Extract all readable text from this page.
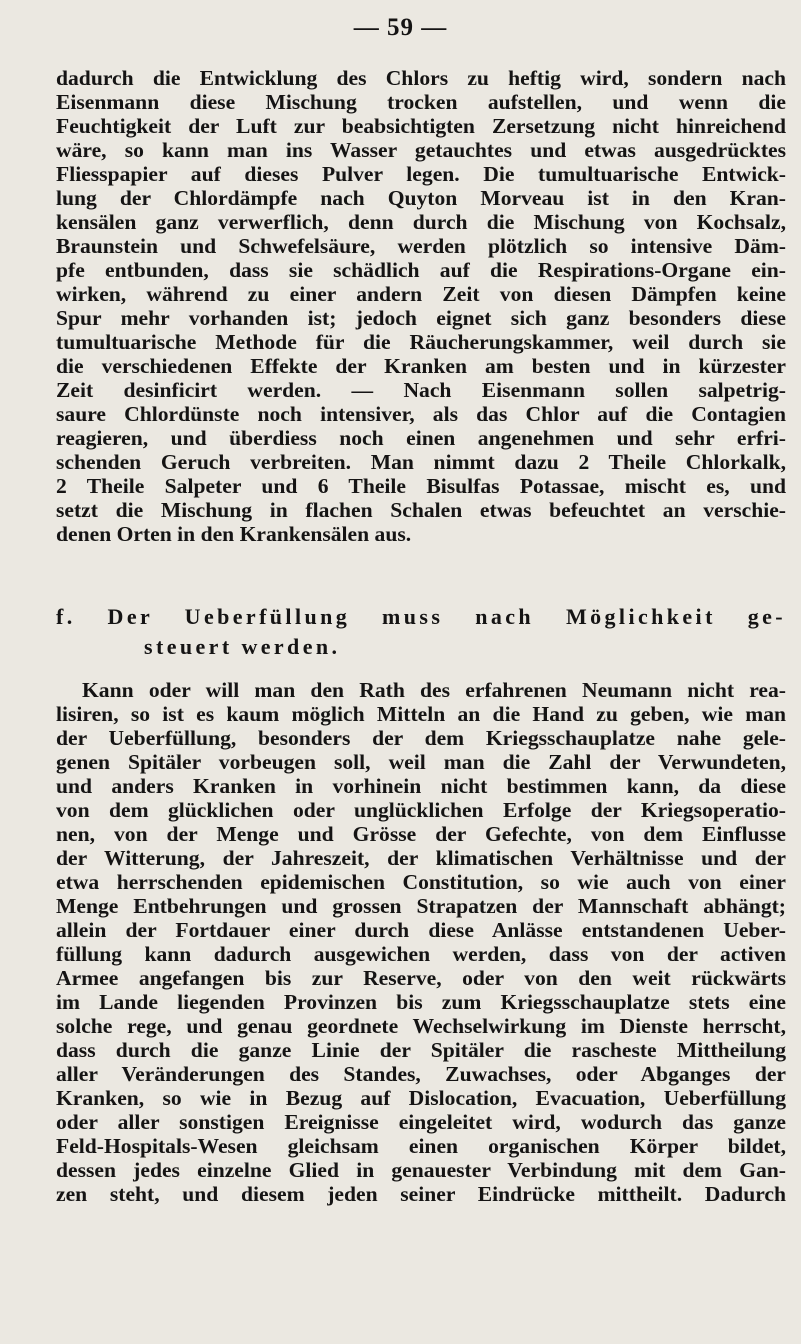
— 59 —
dadurch die Entwicklung des Chlors zu heftig wird, sondern nach
Eisenmann diese Mischung trocken aufstellen, und wenn die
Feuchtigkeit der Luft zur beabsichtigten Zersetzung nicht hinreichend
wäre, so kann man ins Wasser getauchtes und etwas ausgedrücktes
Fliesspapier auf dieses Pulver legen. Die tumultuarische Entwick-
lung der Chlordämpfe nach Quyton Morveau ist in den Kran-
kensälen ganz verwerflich, denn durch die Mischung von Kochsalz,
Braunstein und Schwefelsäure, werden plötzlich so intensive Däm-
pfe entbunden, dass sie schädlich auf die Respirations-Organe ein-
wirken, während zu einer andern Zeit von diesen Dämpfen keine
Spur mehr vorhanden ist; jedoch eignet sich ganz besonders diese
tumultuarische Methode für die Räucherungskammer, weil durch sie
die verschiedenen Effekte der Kranken am besten und in kürzester
Zeit desinficirt werden. — Nach Eisenmann sollen salpetrig-
saure Chlordünste noch intensiver, als das Chlor auf die Contagien
reagieren, und überdiess noch einen angenehmen und sehr erfri-
schenden Geruch verbreiten. Man nimmt dazu 2 Theile Chlorkalk,
2 Theile Salpeter und 6 Theile Bisulfas Potassae, mischt es, und
setzt die Mischung in flachen Schalen etwas befeuchtet an verschie-
denen Orten in den Krankensälen aus.
f. Der Ueberfüllung muss nach Möglichkeit ge-
steuert werden.
Kann oder will man den Rath des erfahrenen Neumann nicht rea-
lisiren, so ist es kaum möglich Mitteln an die Hand zu geben, wie man
der Ueberfüllung, besonders der dem Kriegsschauplatze nahe gele-
genen Spitäler vorbeugen soll, weil man die Zahl der Verwundeten,
und anders Kranken in vorhinein nicht bestimmen kann, da diese
von dem glücklichen oder unglücklichen Erfolge der Kriegsoperatio-
nen, von der Menge und Grösse der Gefechte, von dem Einflusse
der Witterung, der Jahreszeit, der klimatischen Verhältnisse und der
etwa herrschenden epidemischen Constitution, so wie auch von einer
Menge Entbehrungen und grossen Strapatzen der Mannschaft abhängt;
allein der Fortdauer einer durch diese Anlässe entstandenen Ueber-
füllung kann dadurch ausgewichen werden, dass von der activen
Armee angefangen bis zur Reserve, oder von den weit rückwärts
im Lande liegenden Provinzen bis zum Kriegsschauplatze stets eine
solche rege, und genau geordnete Wechselwirkung im Dienste herrscht,
dass durch die ganze Linie der Spitäler die rascheste Mittheilung
aller Veränderungen des Standes, Zuwachses, oder Abganges der
Kranken, so wie in Bezug auf Dislocation, Evacuation, Ueberfüllung
oder aller sonstigen Ereignisse eingeleitet wird, wodurch das ganze
Feld-Hospitals-Wesen gleichsam einen organischen Körper bildet,
dessen jedes einzelne Glied in genauester Verbindung mit dem Gan-
zen steht, und diesem jeden seiner Eindrücke mittheilt. Dadurch
